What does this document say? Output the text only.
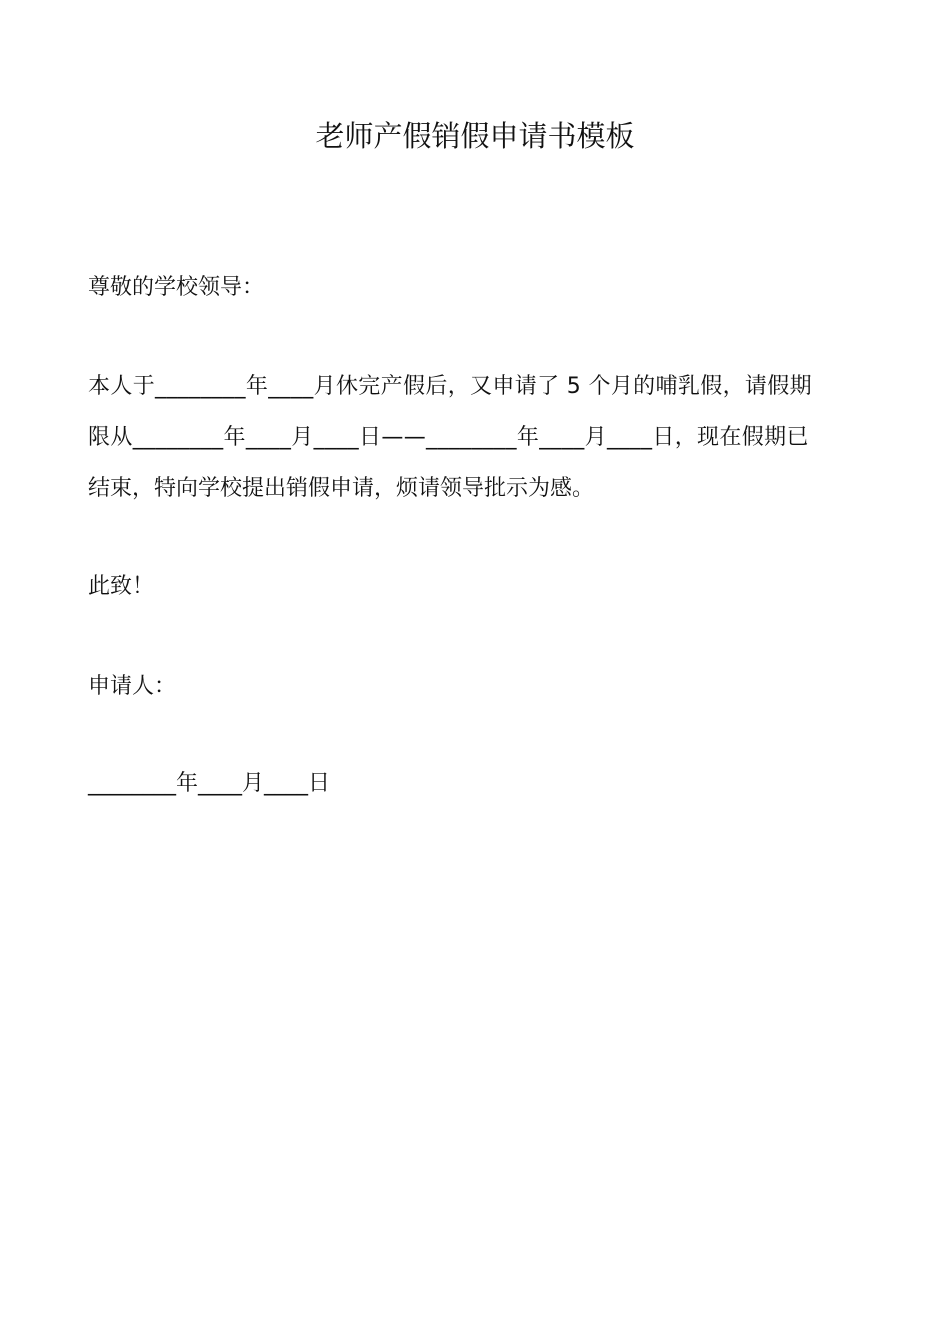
老师产假销假申请书模板

尊敬的学校领导：

本人于________年____月休完产假后，又申请了 5 个月的哺乳假，请假期

限从________年____月____日——________年____月____日，现在假期已

结束，特向学校提出销假申请，烦请领导批示为感。

此致！

申请人：

________年____月____日
